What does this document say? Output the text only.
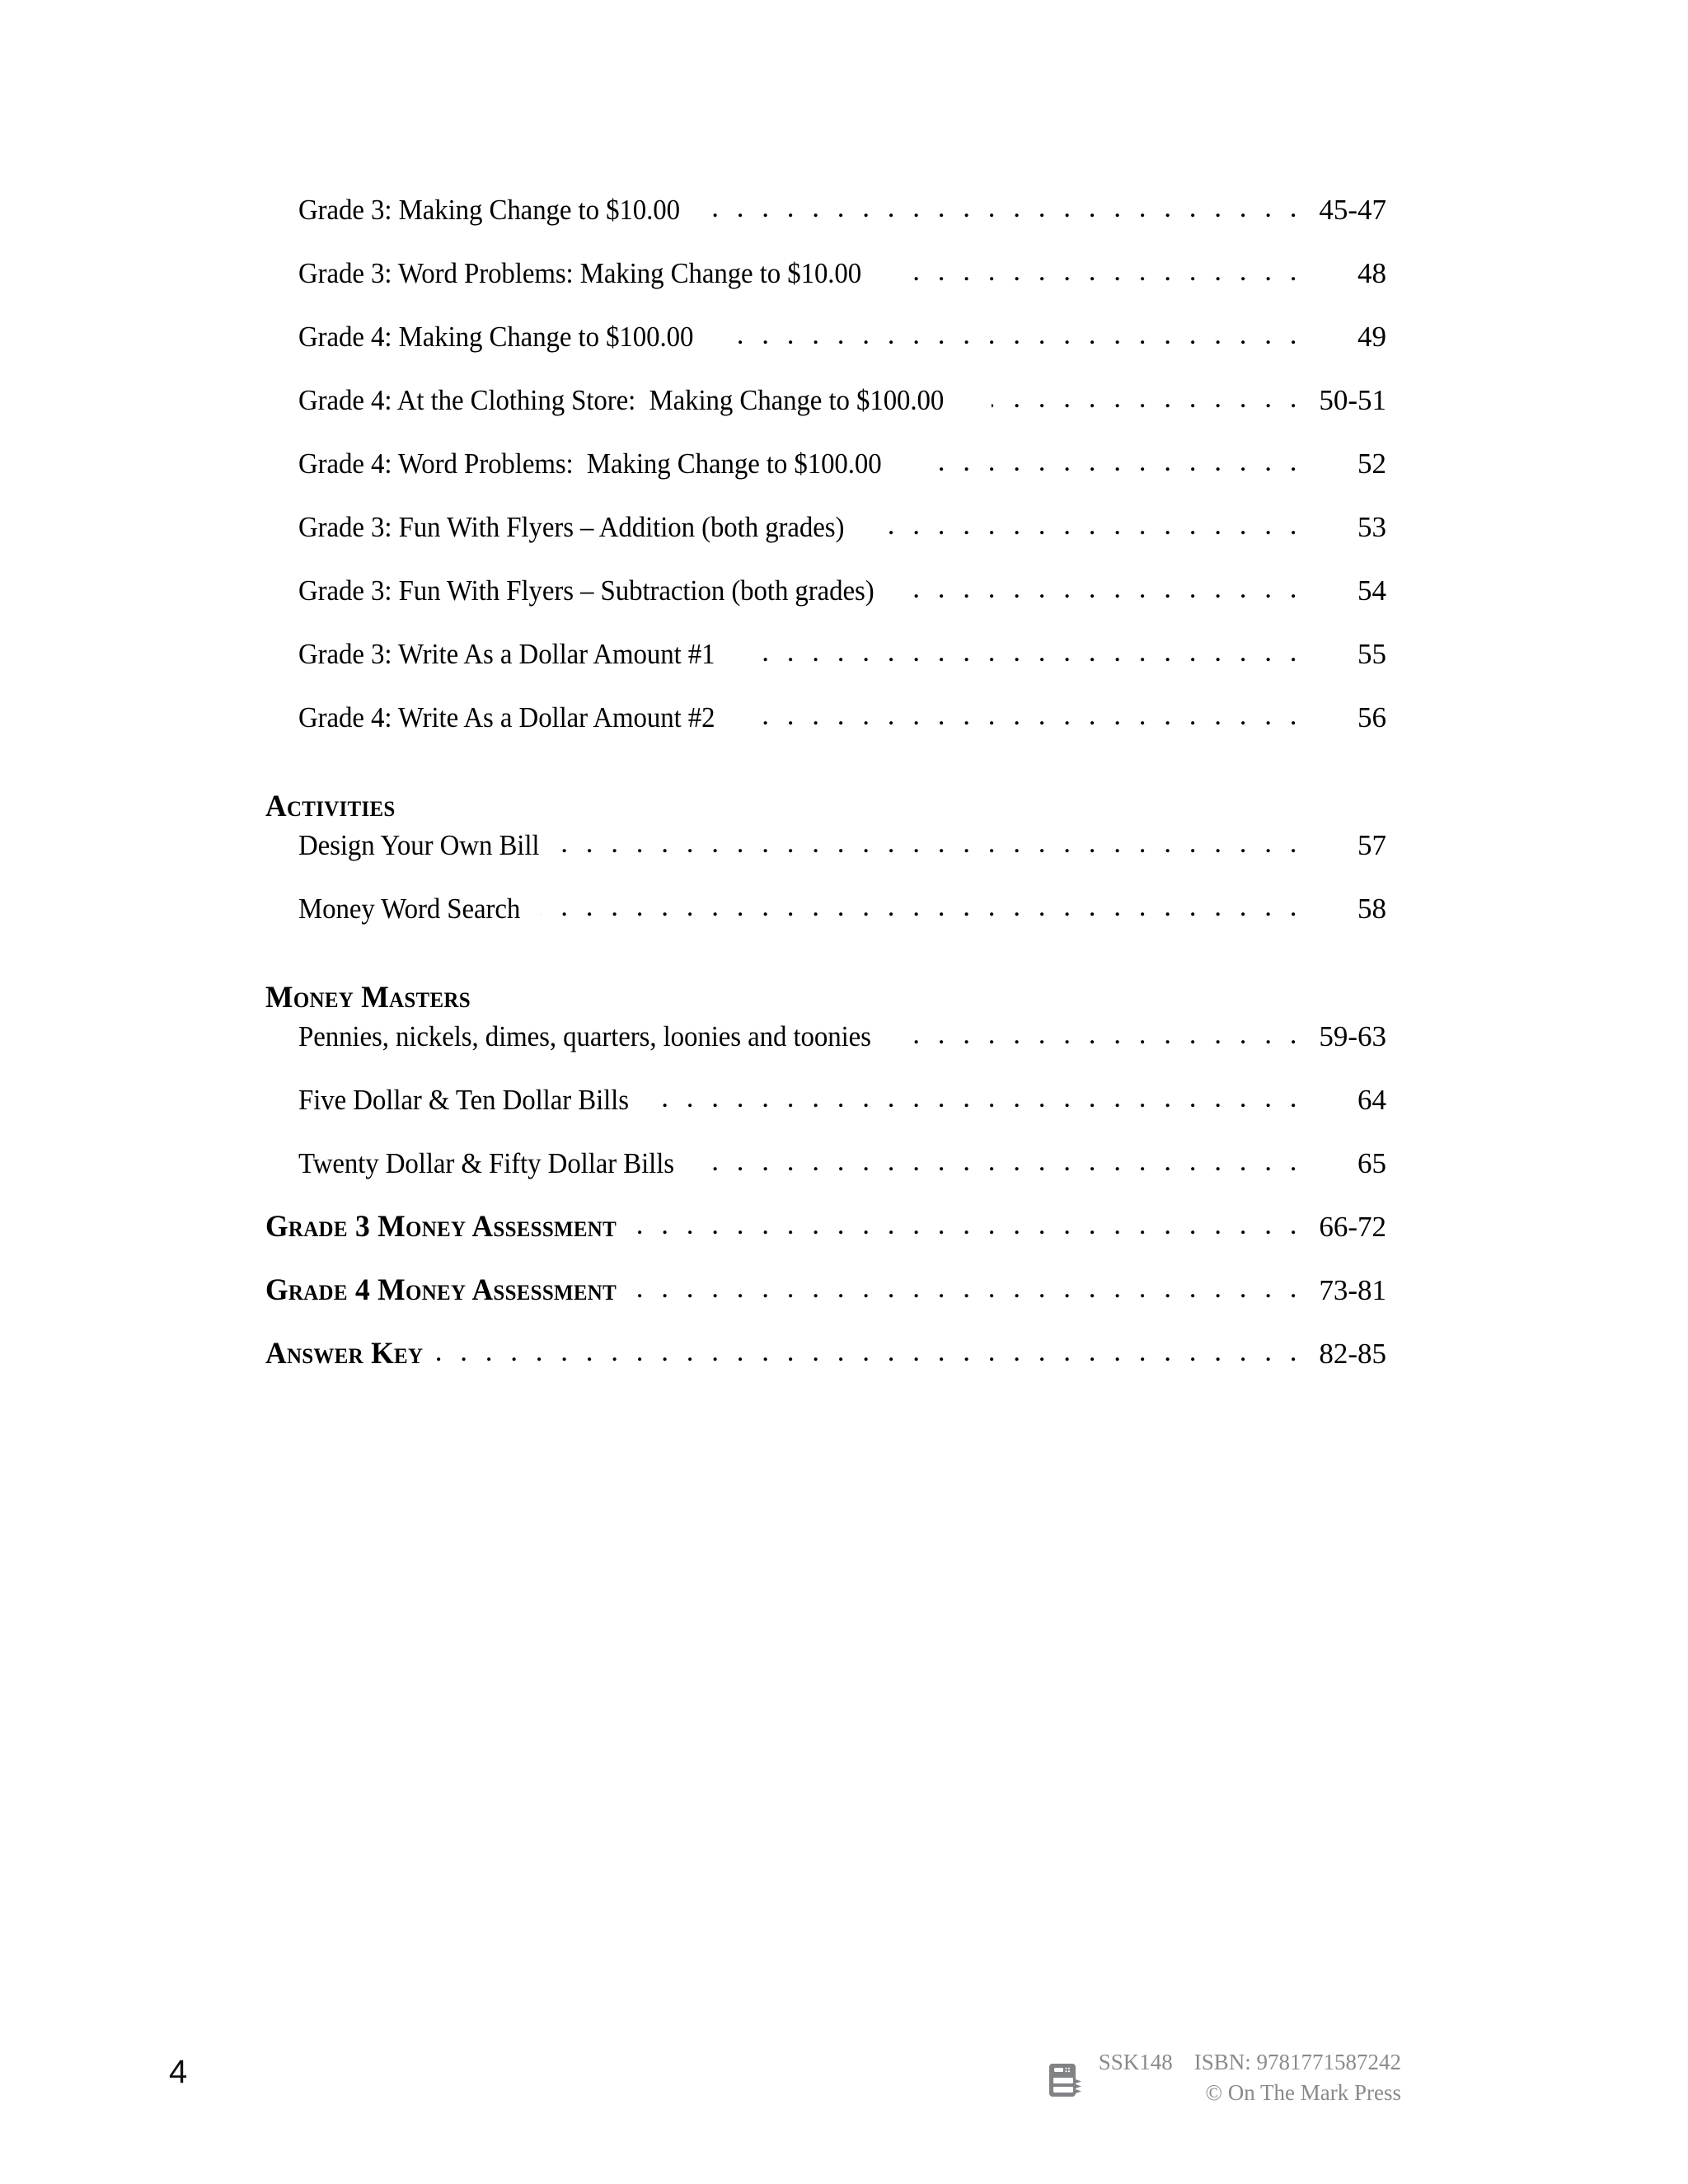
Grade 3: Making Change to $10.00 . . .	45-47
Grade 3: Word Problems: Making Change to $10.00 . . .	48
Grade 4: Making Change to $100.00 . . .	49
Grade 4: At the Clothing Store:  Making Change to $100.00 . . .	50-51
Grade 4: Word Problems:  Making Change to $100.00 . . .	52
Grade 3: Fun With Flyers – Addition (both grades) . . .	53
Grade 3: Fun With Flyers – Subtraction (both grades) . . .	54
Grade 3: Write As a Dollar Amount #1 . . .	55
Grade 4: Write As a Dollar Amount #2 . . .	56
Activities
Design Your Own Bill . . .	57
Money Word Search . . .	58
Money Masters
Pennies, nickels, dimes, quarters, loonies and toonies . . .	59-63
Five Dollar & Ten Dollar Bills . . .	64
Twenty Dollar & Fifty Dollar Bills . . .	65
Grade 3 Money Assessment . . .	66-72
Grade 4 Money Assessment . . .	73-81
Answer Key . . .	82-85
4	SSK148 ISBN: 9781771587242
© On The Mark Press
